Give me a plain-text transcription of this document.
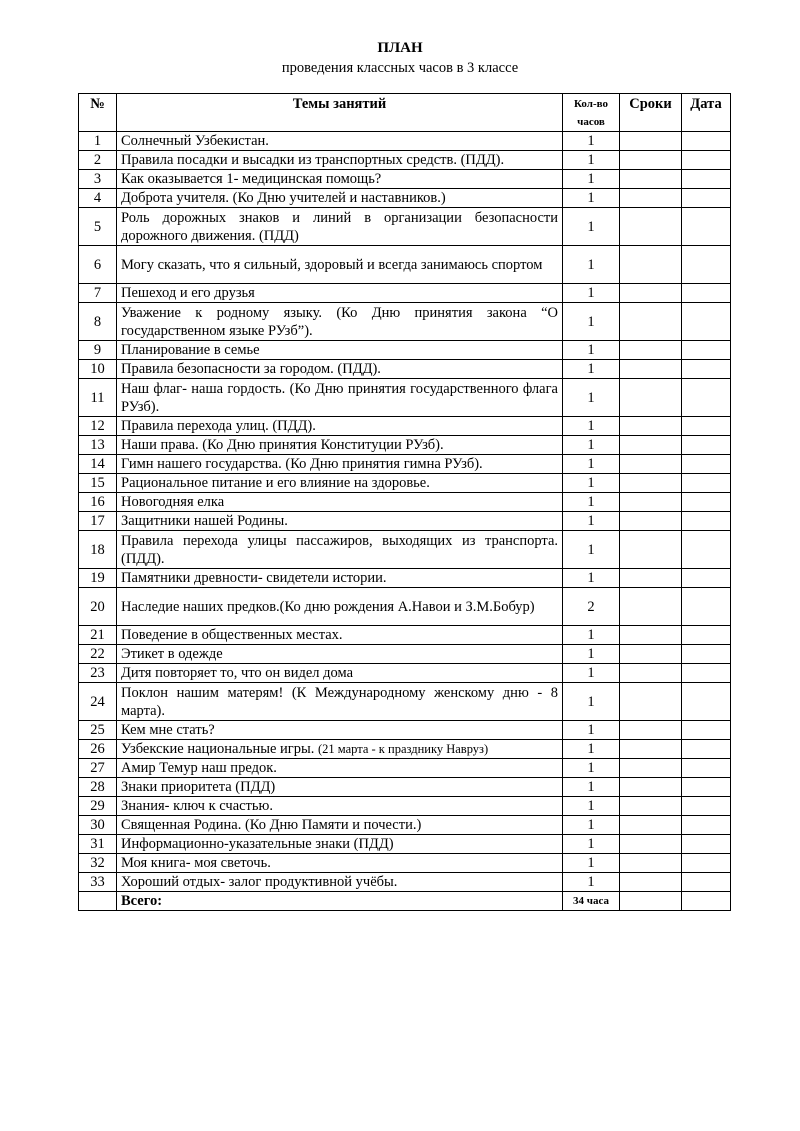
ПЛАН
проведения классных часов в 3 классе
№	Темы занятий	Кол-во часов	Сроки	Дата
1	Солнечный Узбекистан.	1		
2	Правила посадки и высадки из транспортных средств. (ПДД).	1		
3	Как оказывается 1- медицинская помощь?	1		
4	Доброта учителя. (Ко Дню учителей и наставников.)	1		
5	Роль дорожных знаков и линий в организации безопасности дорожного движения. (ПДД)	1		
6	Могу сказать, что я сильный, здоровый и всегда занимаюсь спортом	1		
7	Пешеход и его друзья	1		
8	Уважение к родному языку. (Ко Дню принятия закона “О государственном языке РУзб”).	1		
9	Планирование в семье	1		
10	Правила безопасности за городом. (ПДД).	1		
11	Наш флаг- наша гордость. (Ко Дню принятия государственного флага РУзб).	1		
12	Правила перехода улиц. (ПДД).	1		
13	Наши права. (Ко Дню принятия Конституции РУзб).	1		
14	Гимн нашего государства. (Ко Дню принятия гимна РУзб).	1		
15	Рациональное питание и его влияние на здоровье.	1		
16	Новогодняя елка	1		
17	Защитники нашей Родины.	1		
18	Правила перехода улицы пассажиров, выходящих из транспорта. (ПДД).	1		
19	Памятники древности- свидетели истории.	1		
20	Наследие наших предков.(Ко дню рождения А.Навои и З.М.Бобур)	2		
21	Поведение в общественных местах.	1		
22	Этикет в одежде	1		
23	Дитя повторяет то, что он видел дома	1		
24	Поклон нашим матерям! (К Международному женскому дню - 8 марта).	1		
25	Кем мне стать?	1		
26	Узбекские национальные игры. (21 марта - к празднику Навруз)	1		
27	Амир Темур наш предок.	1		
28	Знаки приоритета (ПДД)	1		
29	Знания- ключ к счастью.	1		
30	Священная Родина. (Ко Дню Памяти и почести.)	1		
31	Информационно-указательные знаки (ПДД)	1		
32	Моя книга- моя светочь.	1		
33	Хороший отдых- залог продуктивной учёбы.	1		
	Всего:	34 часа		
